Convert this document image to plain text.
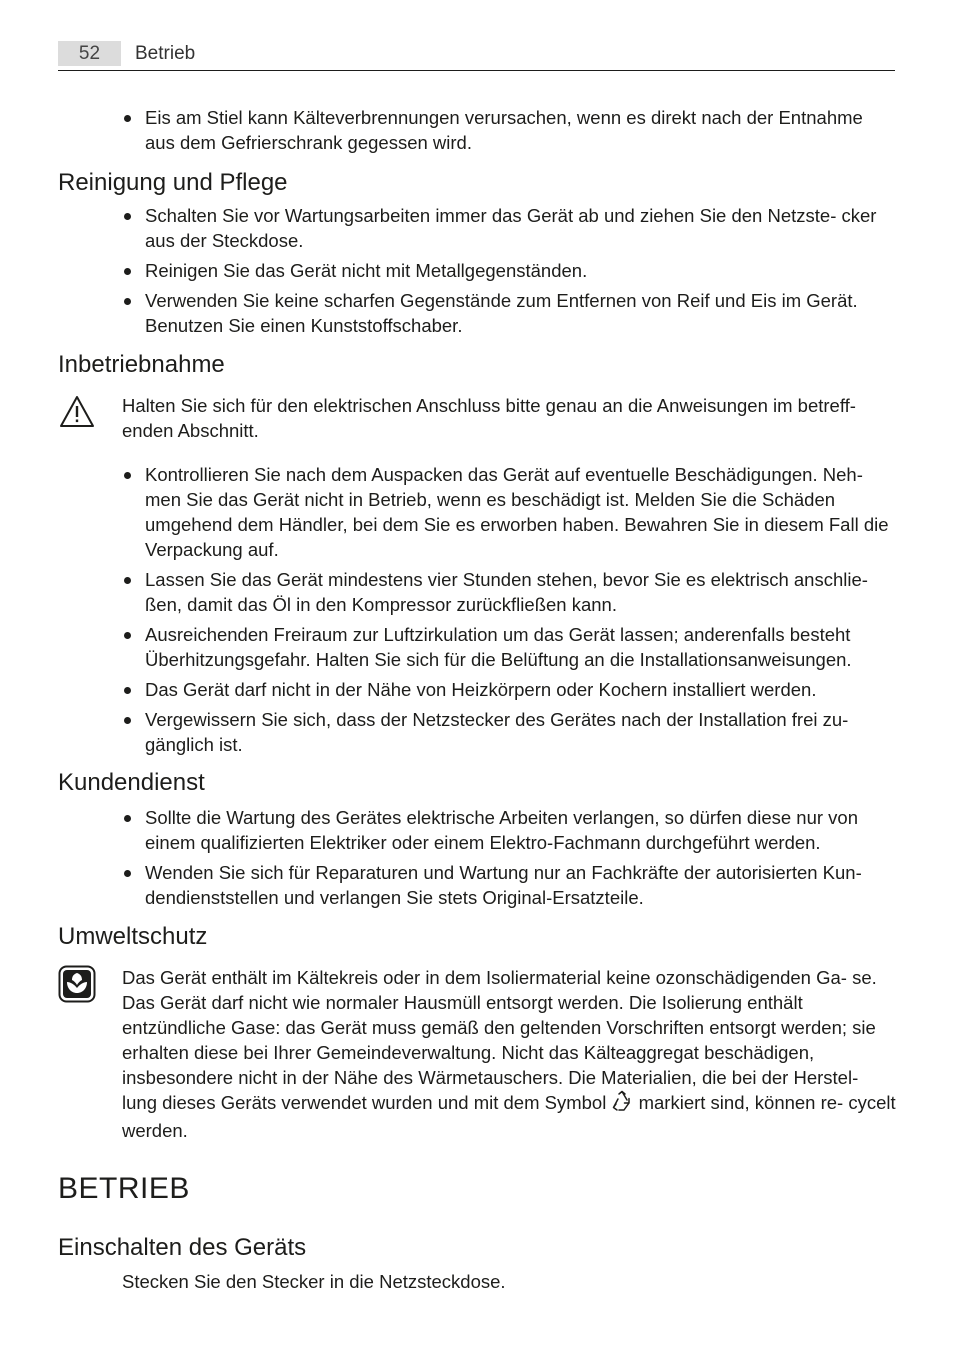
52	Betrieb
Eis am Stiel kann Kälteverbrennungen verursachen, wenn es direkt nach der Entnahme aus dem Gefrierschrank gegessen wird.
Reinigung und Pflege
Schalten Sie vor Wartungsarbeiten immer das Gerät ab und ziehen Sie den Netzste- cker aus der Steckdose.
Reinigen Sie das Gerät nicht mit Metallgegenständen.
Verwenden Sie keine scharfen Gegenstände zum Entfernen von Reif und Eis im Gerät. Benutzen Sie einen Kunststoffschaber.
Inbetriebnahme

Halten Sie sich für den elektrischen Anschluss bitte genau an die Anweisungen im betreff- enden Abschnitt.

Kontrollieren Sie nach dem Auspacken das Gerät auf eventuelle Beschädigungen. Neh- men Sie das Gerät nicht in Betrieb, wenn es beschädigt ist. Melden Sie die Schäden umgehend dem Händler, bei dem Sie es erworben haben. Bewahren Sie in diesem Fall die Verpackung auf.
Lassen Sie das Gerät mindestens vier Stunden stehen, bevor Sie es elektrisch anschlie- ßen, damit das Öl in den Kompressor zurückfließen kann.
Ausreichenden Freiraum zur Luftzirkulation um das Gerät lassen; anderenfalls besteht Überhitzungsgefahr. Halten Sie sich für die Belüftung an die Installationsanweisungen.
Das Gerät darf nicht in der Nähe von Heizkörpern oder Kochern installiert werden.
Vergewissern Sie sich, dass der Netzstecker des Gerätes nach der Installation frei zu- gänglich ist.
Kundendienst
Sollte die Wartung des Gerätes elektrische Arbeiten verlangen, so dürfen diese nur von einem qualifizierten Elektriker oder einem Elektro-Fachmann durchgeführt werden.
Wenden Sie sich für Reparaturen und Wartung nur an Fachkräfte der autorisierten Kun- dendienststellen und verlangen Sie stets Original-Ersatzteile.
Umweltschutz

Das Gerät enthält im Kältekreis oder in dem Isoliermaterial keine ozonschädigenden Ga- se. Das Gerät darf nicht wie normaler Hausmüll entsorgt werden. Die Isolierung enthält entzündliche Gase: das Gerät muss gemäß den geltenden Vorschriften entsorgt werden; sie erhalten diese bei Ihrer Gemeindeverwaltung. Nicht das Kälteaggregat beschädigen, insbesondere nicht in der Nähe des Wärmetauschers. Die Materialien, die bei der Herstel- lung dieses Geräts verwendet wurden und mit dem Symbol markiert sind, können re- cycelt werden.

BETRIEB
Einschalten des Geräts

Stecken Sie den Stecker in die Netzsteckdose.
